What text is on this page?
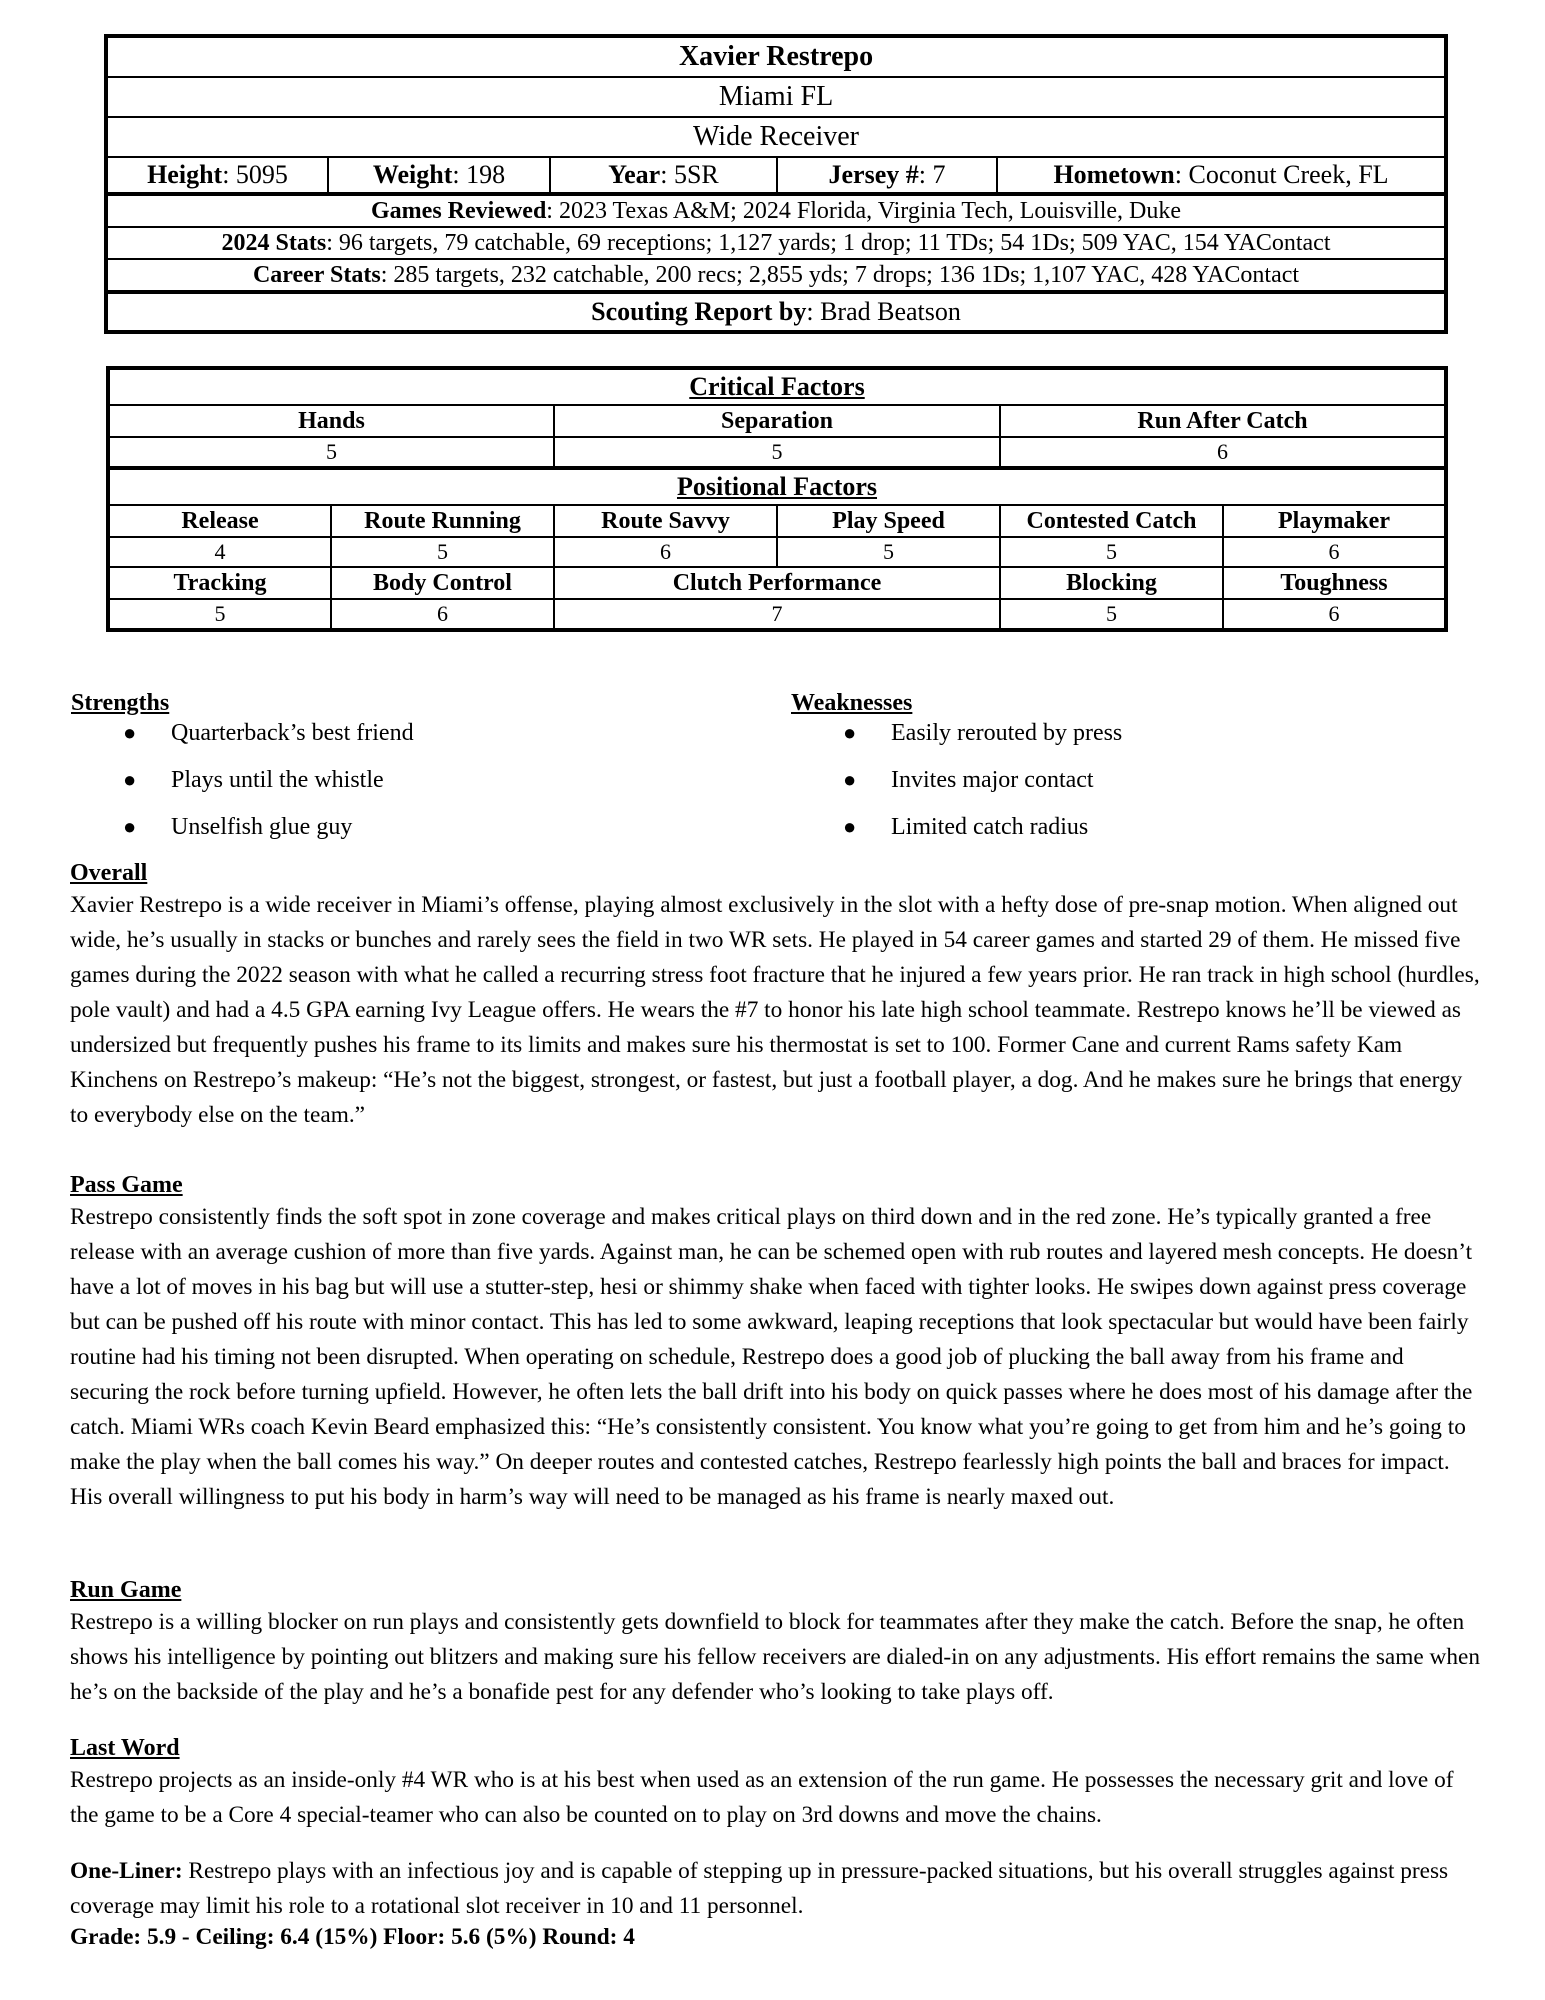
Xavier Restrepo
Miami FL
Wide Receiver
Height: 5095	Weight: 198	Year: 5SR	Jersey #: 7	Hometown: Coconut Creek, FL
Games Reviewed: 2023 Texas A&M; 2024 Florida, Virginia Tech, Louisville, Duke
2024 Stats: 96 targets, 79 catchable, 69 receptions; 1,127 yards; 1 drop; 11 TDs; 54 1Ds; 509 YAC, 154 YAContact
Career Stats: 285 targets, 232 catchable, 200 recs; 2,855 yds; 7 drops; 136 1Ds; 1,107 YAC, 428 YAContact
Scouting Report by: Brad Beatson
Critical Factors					
Hands		Separation		Run After Catch	
5		5		6	
Positional Factors					
Release	Route Running	Route Savvy	Play Speed	Contested Catch	Playmaker
4	5	6	5	5	6
Tracking	Body Control	Clutch Performance		Blocking	Toughness
5	6	7		5	6
Strengths
● Quarterback’s best friend
● Plays until the whistle
● Unselfish glue guy
Weaknesses
● Easily rerouted by press
● Invites major contact
● Limited catch radius
Overall

Xavier Restrepo is a wide receiver in Miami’s offense, playing almost exclusively in the slot with a hefty dose of pre-snap motion. When aligned out wide, he’s usually in stacks or bunches and rarely sees the field in two WR sets. He played in 54 career games and started 29 of them. He missed five games during the 2022 season with what he called a recurring stress foot fracture that he injured a few years prior. He ran track in high school (hurdles, pole vault) and had a 4.5 GPA earning Ivy League offers. He wears the #7 to honor his late high school teammate. Restrepo knows he’ll be viewed as undersized but frequently pushes his frame to its limits and makes sure his thermostat is set to 100. Former Cane and current Rams safety Kam Kinchens on Restrepo’s makeup: “He’s not the biggest, strongest, or fastest, but just a football player, a dog. And he makes sure he brings that energy to everybody else on the team.”

Pass Game

Restrepo consistently finds the soft spot in zone coverage and makes critical plays on third down and in the red zone. He’s typically granted a free release with an average cushion of more than five yards. Against man, he can be schemed open with rub routes and layered mesh concepts. He doesn’t have a lot of moves in his bag but will use a stutter-step, hesi or shimmy shake when faced with tighter looks. He swipes down against press coverage but can be pushed off his route with minor contact. This has led to some awkward, leaping receptions that look spectacular but would have been fairly routine had his timing not been disrupted. When operating on schedule, Restrepo does a good job of plucking the ball away from his frame and securing the rock before turning upfield. However, he often lets the ball drift into his body on quick passes where he does most of his damage after the catch. Miami WRs coach Kevin Beard emphasized this: “He’s consistently consistent. You know what you’re going to get from him and he’s going to make the play when the ball comes his way.” On deeper routes and contested catches, Restrepo fearlessly high points the ball and braces for impact. His overall willingness to put his body in harm’s way will need to be managed as his frame is nearly maxed out.

Run Game

Restrepo is a willing blocker on run plays and consistently gets downfield to block for teammates after they make the catch. Before the snap, he often shows his intelligence by pointing out blitzers and making sure his fellow receivers are dialed-in on any adjustments. His effort remains the same when he’s on the backside of the play and he’s a bonafide pest for any defender who’s looking to take plays off.

Last Word

Restrepo projects as an inside-only #4 WR who is at his best when used as an extension of the run game. He possesses the necessary grit and love of the game to be a Core 4 special-teamer who can also be counted on to play on 3rd downs and move the chains.

One-Liner: Restrepo plays with an infectious joy and is capable of stepping up in pressure-packed situations, but his overall struggles against press coverage may limit his role to a rotational slot receiver in 10 and 11 personnel.

Grade: 5.9 - Ceiling: 6.4 (15%) Floor: 5.6 (5%) Round: 4
